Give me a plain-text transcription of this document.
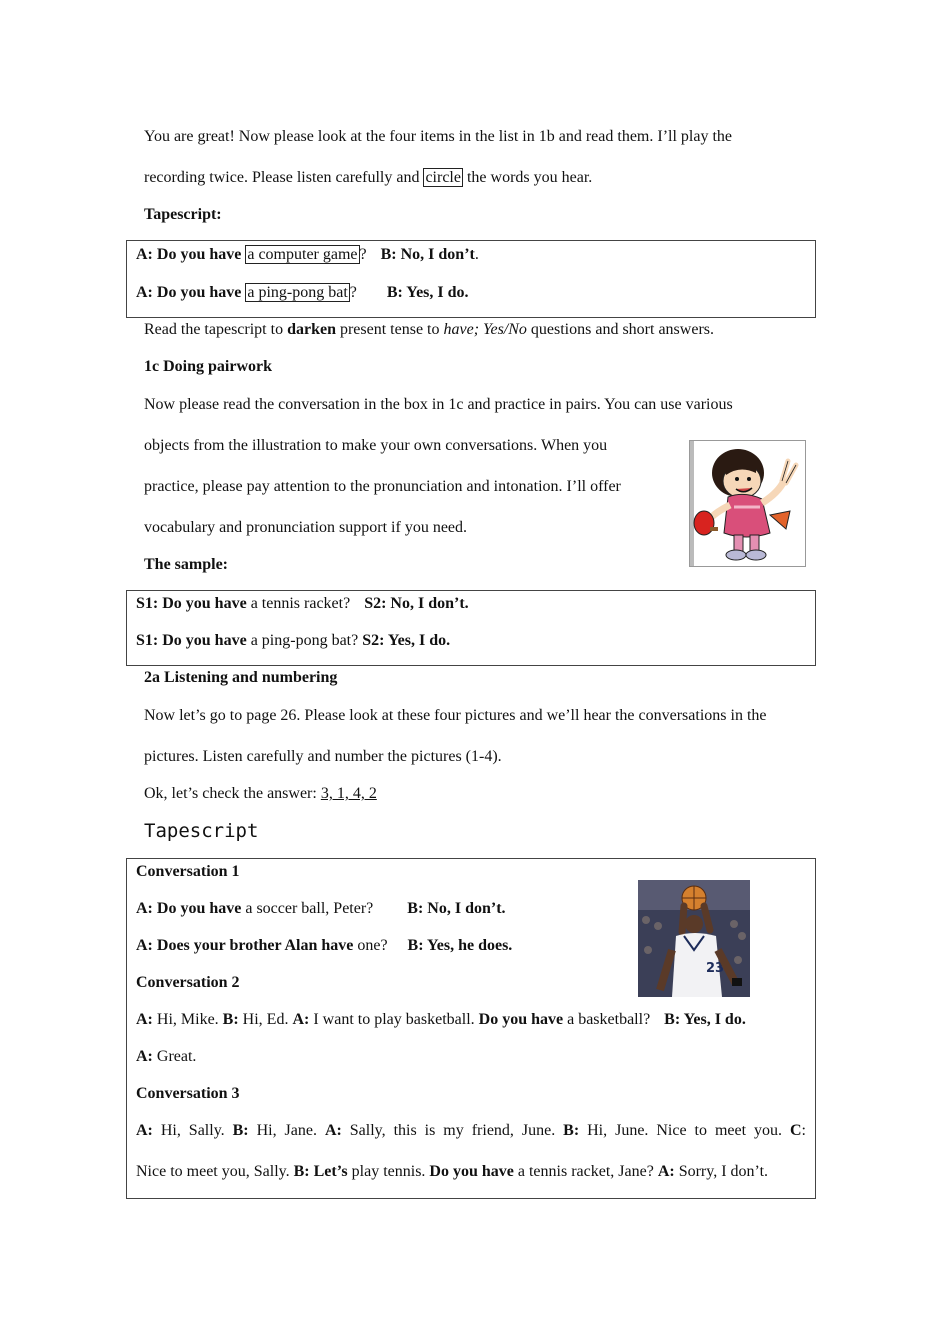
You are great! Now please look at the four items in the list in 1b and read them. I’ll play the

recording twice. Please listen carefully and circle the words you hear.

Tapescript:

A: Do you have a computer game ? B: No, I don’t.
A: Do you have a ping-pong bat ? B: Yes, I do.

Read the tapescript to darken present tense to have; Yes/No questions and short answers.

1c Doing pairwork

Now please read the conversation in the box in 1c and practice in pairs. You can use various

objects from the illustration to make your own conversations. When you

practice, please pay attention to the pronunciation and intonation. I’ll offer

vocabulary and pronunciation support if you need.

The sample:

S1: Do you have a tennis racket? S2: No, I don’t.
S1: Do you have a ping-pong bat? S2: Yes, I do.

2a Listening and numbering

Now let’s go to page 26. Please look at these four pictures and we’ll hear the conversations in the

pictures. Listen carefully and number the pictures (1-4).

Ok, let’s check the answer: 3, 1, 4, 2

Tapescript

Conversation 1
A: Do you have a soccer ball, Peter? B: No, I don’t.
A: Does your brother Alan have one? B: Yes, he does.
Conversation 2
A: Hi, Mike. B: Hi, Ed. A: I want to play basketball. Do you have a basketball? B: Yes, I do.
A: Great.
Conversation 3
A: Hi, Sally. B: Hi, Jane. A: Sally, this is my friend, June. B: Hi, June. Nice to meet you. C:
Nice to meet you, Sally. B: Let’s play tennis. Do you have a tennis racket, Jane? A: Sorry, I don’t.
23
